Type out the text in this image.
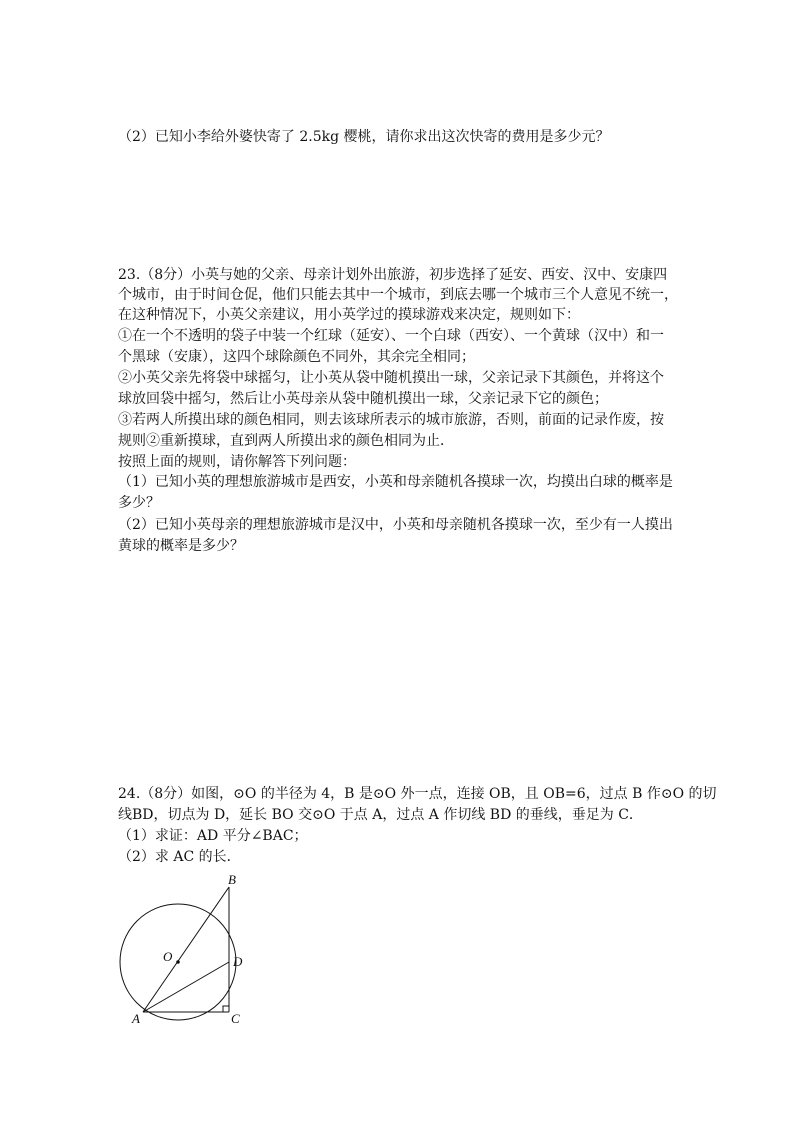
（2）已知小李给外婆快寄了 2.5kg 樱桃，请你求出这次快寄的费用是多少元？
23.（8分）小英与她的父亲、母亲计划外出旅游，初步选择了延安、西安、汉中、安康四
个城市，由于时间仓促，他们只能去其中一个城市，到底去哪一个城市三个人意见不统一，
在这种情况下，小英父亲建议，用小英学过的摸球游戏来决定，规则如下：
①在一个不透明的袋子中装一个红球（延安）、一个白球（西安）、一个黄球（汉中）和一
个黑球（安康），这四个球除颜色不同外，其余完全相同；
②小英父亲先将袋中球摇匀，让小英从袋中随机摸出一球，父亲记录下其颜色，并将这个
球放回袋中摇匀，然后让小英母亲从袋中随机摸出一球，父亲记录下它的颜色；
③若两人所摸出球的颜色相同，则去该球所表示的城市旅游，否则，前面的记录作废，按
规则②重新摸球，直到两人所摸出求的颜色相同为止．
按照上面的规则，请你解答下列问题：
（1）已知小英的理想旅游城市是西安，小英和母亲随机各摸球一次，均摸出白球的概率是
多少？
（2）已知小英母亲的理想旅游城市是汉中，小英和母亲随机各摸球一次，至少有一人摸出
黄球的概率是多少？
24.（8分）如图，⊙O 的半径为 4，B 是⊙O 外一点，连接 OB，且 OB=6，过点 B 作⊙O 的切
线BD，切点为 D，延长 BO 交⊙O 于点 A，过点 A 作切线 BD 的垂线，垂足为 C．
（1）求证：AD 平分∠BAC；
（2）求 AC 的长．
B
O	D
A	C
